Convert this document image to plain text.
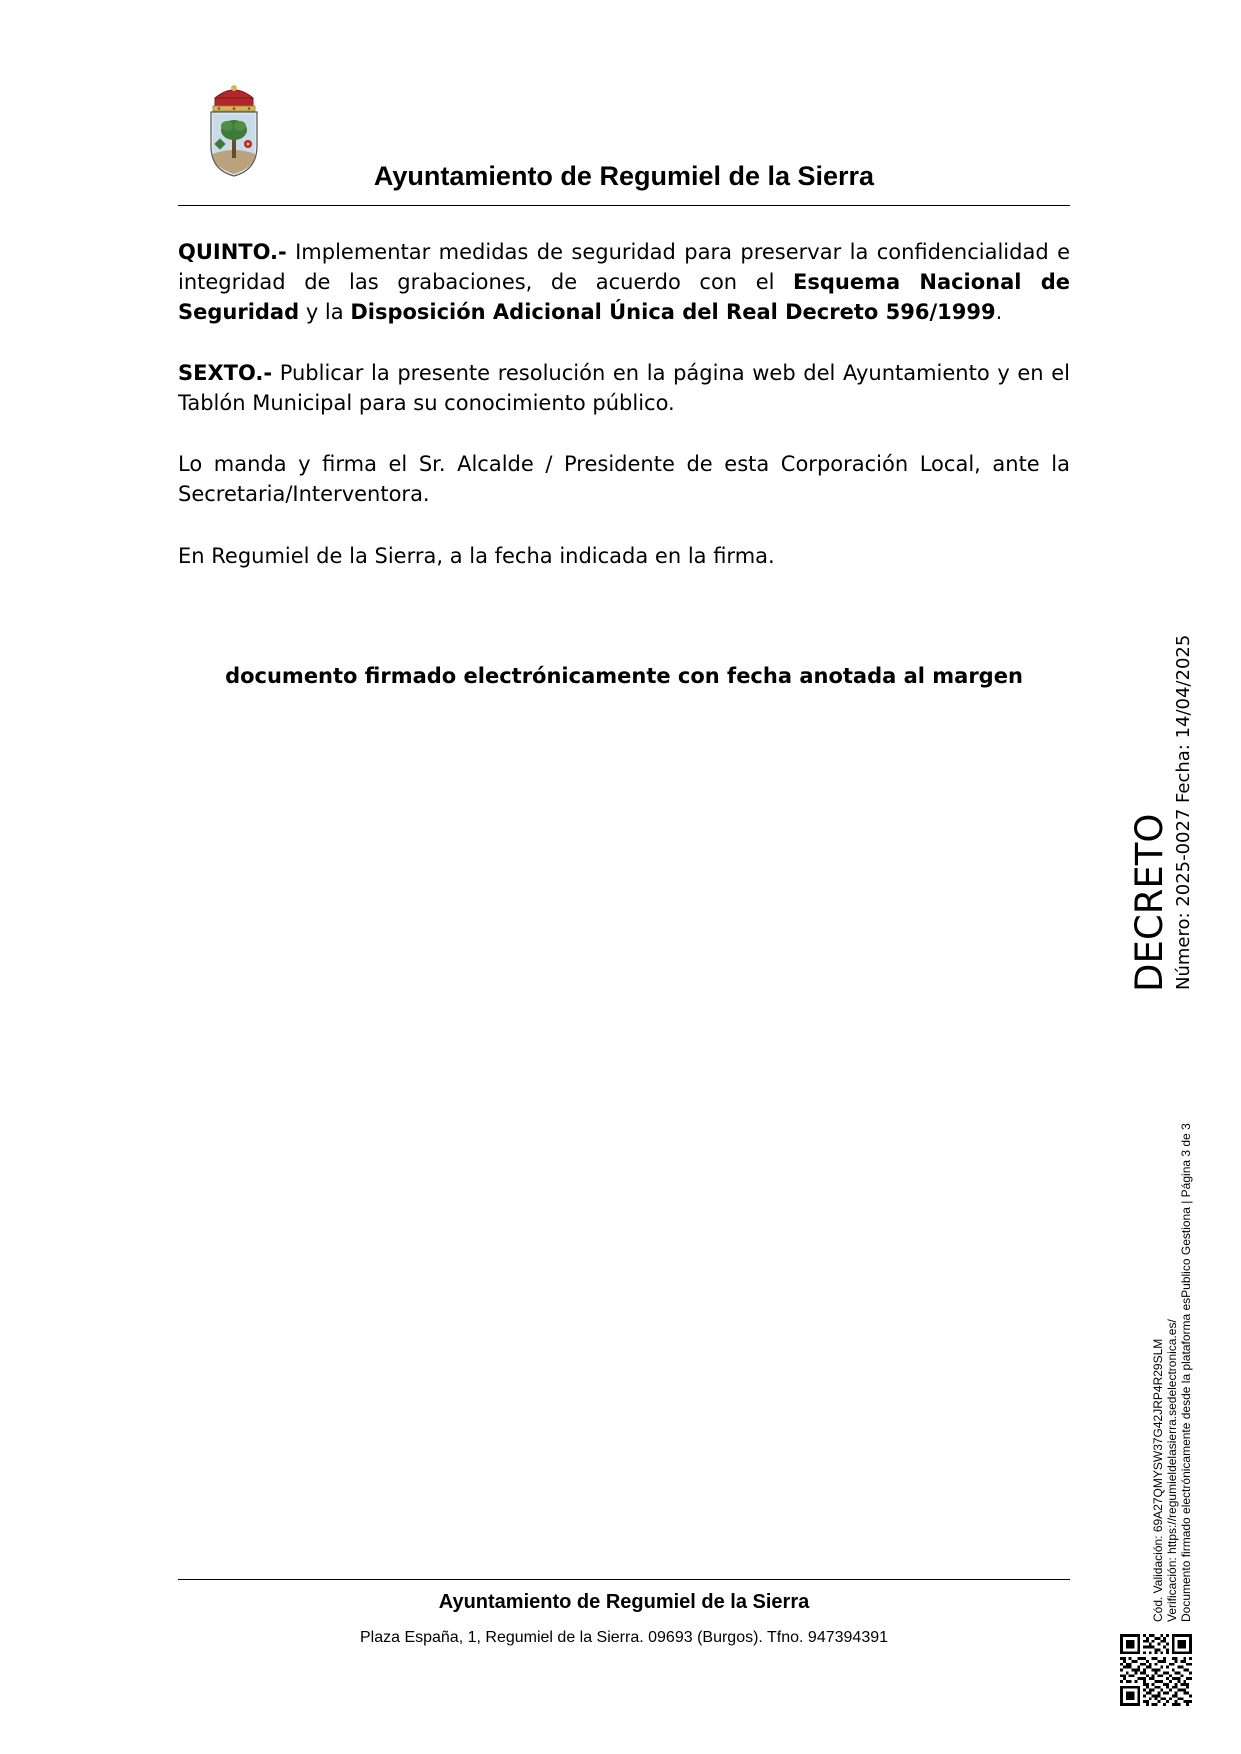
Ayuntamiento de Regumiel de la Sierra

QUINTO.- Implementar medidas de seguridad para preservar la confidencialidad e integridad de las grabaciones, de acuerdo con el Esquema Nacional de Seguridad y la Disposición Adicional Única del Real Decreto 596/1999.

SEXTO.- Publicar la presente resolución en la página web del Ayuntamiento y en el Tablón Municipal para su conocimiento público.

Lo manda y firma el Sr. Alcalde / Presidente de esta Corporación Local, ante la Secretaria/Interventora.

En Regumiel de la Sierra, a la fecha indicada en la firma.

documento firmado electrónicamente con fecha anotada al margen

Ayuntamiento de Regumiel de la Sierra

Plaza España, 1, Regumiel de la Sierra. 09693 (Burgos). Tfno. 947394391

DECRETO Número: 2025-0027
Fecha: 14/04/2025
Cód. Validación: 69A27QMYSW37G42JRP4R29SLM Verificación: https://regumieldelasierra.sedelectronica.es/ Documento firmado electrónicamente desde la plataforma esPublico Gestiona | Página 3 de 3
